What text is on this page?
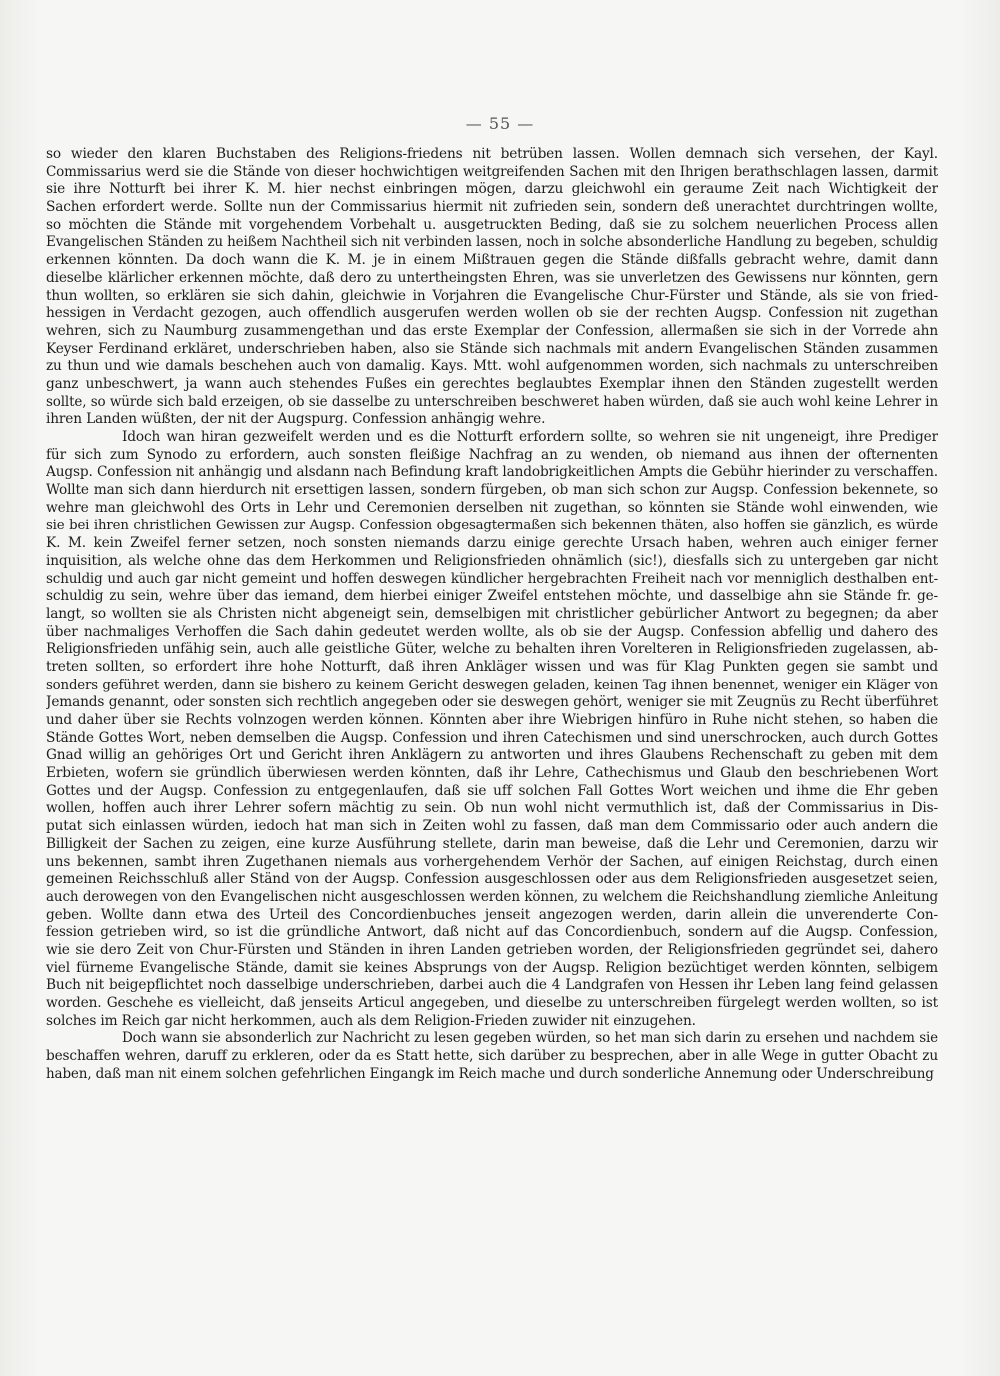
— 55 —
so wieder den klaren Buchstaben des Religions-friedens nit betrüben lassen. Wollen demnach sich versehen, der Kayl.
Commissarius werd sie die Stände von dieser hochwichtigen weitgreifenden Sachen mit den Ihrigen berathschlagen lassen, darmit
sie ihre Notturft bei ihrer K. M. hier nechst einbringen mögen, darzu gleichwohl ein geraume Zeit nach Wichtigkeit der
Sachen erfordert werde. Sollte nun der Commissarius hiermit nit zufrieden sein, sondern deß unerachtet durchtringen wollte,
so möchten die Stände mit vorgehendem Vorbehalt u. ausgetruckten Beding, daß sie zu solchem neuerlichen Process allen
Evangelischen Ständen zu heißem Nachtheil sich nit verbinden lassen, noch in solche absonderliche Handlung zu begeben, schuldig
erkennen könnten. Da doch wann die K. M. je in einem Mißtrauen gegen die Stände dißfalls gebracht wehre, damit dann
dieselbe klärlicher erkennen möchte, daß dero zu untertheingsten Ehren, was sie unverletzen des Gewissens nur könnten, gern
thun wollten, so erklären sie sich dahin, gleichwie in Vorjahren die Evangelische Chur-Fürster und Stände, als sie von fried-
hessigen in Verdacht gezogen, auch offendlich ausgerufen werden wollen ob sie der rechten Augsp. Confession nit zugethan
wehren, sich zu Naumburg zusammengethan und das erste Exemplar der Confession, allermaßen sie sich in der Vorrede ahn
Keyser Ferdinand erkläret, underschrieben haben, also sie Stände sich nachmals mit andern Evangelischen Ständen zusammen
zu thun und wie damals beschehen auch von damalig. Kays. Mtt. wohl aufgenommen worden, sich nachmals zu unterschreiben
ganz unbeschwert, ja wann auch stehendes Fußes ein gerechtes beglaubtes Exemplar ihnen den Ständen zugestellt werden
sollte, so würde sich bald erzeigen, ob sie dasselbe zu unterschreiben beschweret haben würden, daß sie auch wohl keine Lehrer in
ihren Landen wüßten, der nit der Augspurg. Confession anhängig wehre.
Idoch wan hiran gezweifelt werden und es die Notturft erfordern sollte, so wehren sie nit ungeneigt, ihre Prediger
für sich zum Synodo zu erfordern, auch sonsten fleißige Nachfrag an zu wenden, ob niemand aus ihnen der ofternenten
Augsp. Confession nit anhängig und alsdann nach Befindung kraft landobrigkeitlichen Ampts die Gebühr hierinder zu verschaffen.
Wollte man sich dann hierdurch nit ersettigen lassen, sondern fürgeben, ob man sich schon zur Augsp. Confession bekennete, so
wehre man gleichwohl des Orts in Lehr und Ceremonien derselben nit zugethan, so könnten sie Stände wohl einwenden, wie
sie bei ihren christlichen Gewissen zur Augsp. Confession obgesagtermaßen sich bekennen thäten, also hoffen sie gänzlich, es würde
K. M. kein Zweifel ferner setzen, noch sonsten niemands darzu einige gerechte Ursach haben, wehren auch einiger ferner
inquisition, als welche ohne das dem Herkommen und Religionsfrieden ohnämlich (sic!), diesfalls sich zu untergeben gar nicht
schuldig und auch gar nicht gemeint und hoffen deswegen kündlicher hergebrachten Freiheit nach vor menniglich desthalben ent-
schuldig zu sein, wehre über das iemand, dem hierbei einiger Zweifel entstehen möchte, und dasselbige ahn sie Stände fr. ge-
langt, so wollten sie als Christen nicht abgeneigt sein, demselbigen mit christlicher gebürlicher Antwort zu begegnen; da aber
über nachmaliges Verhoffen die Sach dahin gedeutet werden wollte, als ob sie der Augsp. Confession abfellig und dahero des
Religionsfrieden unfähig sein, auch alle geistliche Güter, welche zu behalten ihren Vorelteren in Religionsfrieden zugelassen, ab-
treten sollten, so erfordert ihre hohe Notturft, daß ihren Ankläger wissen und was für Klag Punkten gegen sie sambt und
sonders geführet werden, dann sie bishero zu keinem Gericht deswegen geladen, keinen Tag ihnen benennet, weniger ein Kläger von
Jemands genannt, oder sonsten sich rechtlich angegeben oder sie deswegen gehört, weniger sie mit Zeugnüs zu Recht überführet
und daher über sie Rechts volnzogen werden können. Könnten aber ihre Wiebrigen hinfüro in Ruhe nicht stehen, so haben die
Stände Gottes Wort, neben demselben die Augsp. Confession und ihren Catechismen und sind unerschrocken, auch durch Gottes
Gnad willig an gehöriges Ort und Gericht ihren Anklägern zu antworten und ihres Glaubens Rechenschaft zu geben mit dem
Erbieten, wofern sie gründlich überwiesen werden könnten, daß ihr Lehre, Cathechismus und Glaub den beschriebenen Wort
Gottes und der Augsp. Confession zu entgegenlaufen, daß sie uff solchen Fall Gottes Wort weichen und ihme die Ehr geben
wollen, hoffen auch ihrer Lehrer sofern mächtig zu sein. Ob nun wohl nicht vermuthlich ist, daß der Commissarius in Dis-
putat sich einlassen würden, iedoch hat man sich in Zeiten wohl zu fassen, daß man dem Commissario oder auch andern die
Billigkeit der Sachen zu zeigen, eine kurze Ausführung stellete, darin man beweise, daß die Lehr und Ceremonien, darzu wir
uns bekennen, sambt ihren Zugethanen niemals aus vorhergehendem Verhör der Sachen, auf einigen Reichstag, durch einen
gemeinen Reichsschluß aller Ständ von der Augsp. Confession ausgeschlossen oder aus dem Religionsfrieden ausgesetzet seien,
auch derowegen von den Evangelischen nicht ausgeschlossen werden können, zu welchem die Reichshandlung ziemliche Anleitung
geben. Wollte dann etwa des Urteil des Concordienbuches jenseit angezogen werden, darin allein die unverenderte Con-
fession getrieben wird, so ist die gründliche Antwort, daß nicht auf das Concordienbuch, sondern auf die Augsp. Confession,
wie sie dero Zeit von Chur-Fürsten und Ständen in ihren Landen getrieben worden, der Religionsfrieden gegründet sei, dahero
viel fürneme Evangelische Stände, damit sie keines Absprungs von der Augsp. Religion bezüchtiget werden könnten, selbigem
Buch nit beigepflichtet noch dasselbige underschrieben, darbei auch die 4 Landgrafen von Hessen ihr Leben lang feind gelassen
worden. Geschehe es vielleicht, daß jenseits Articul angegeben, und dieselbe zu unterschreiben fürgelegt werden wollten, so ist
solches im Reich gar nicht herkommen, auch als dem Religion-Frieden zuwider nit einzugehen.
Doch wann sie absonderlich zur Nachricht zu lesen gegeben würden, so het man sich darin zu ersehen und nachdem sie
beschaffen wehren, daruff zu erkleren, oder da es Statt hette, sich darüber zu besprechen, aber in alle Wege in gutter Obacht zu
haben, daß man nit einem solchen gefehrlichen Eingangk im Reich mache und durch sonderliche Annemung oder Underschreibung
